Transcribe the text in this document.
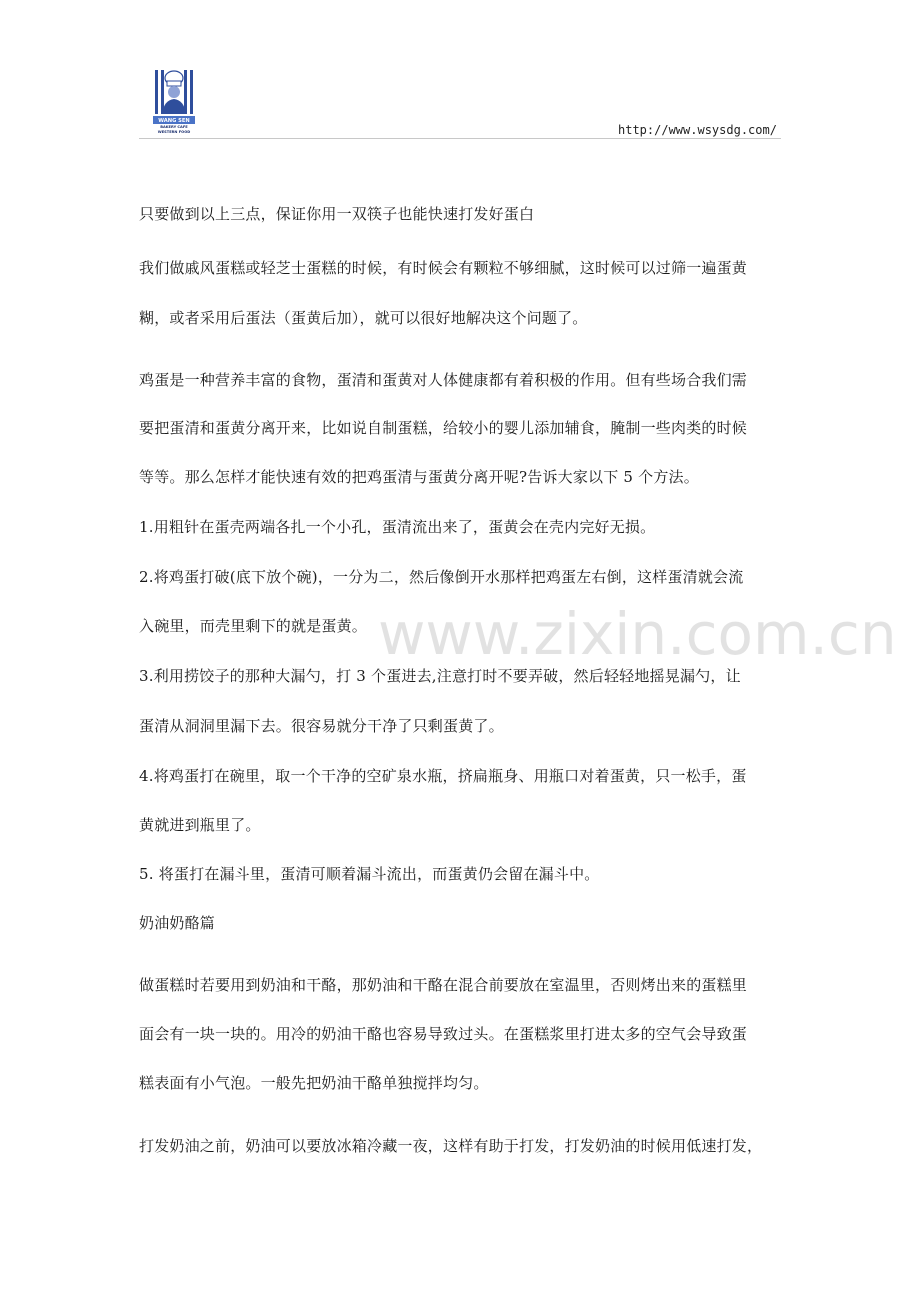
WANG SEN
BAKERY CAFE
WESTERN FOOD	http://www.wsysdg.com/
www.zixin.com.cn
只要做到以上三点，保证你用一双筷子也能快速打发好蛋白
我们做戚风蛋糕或轻芝士蛋糕的时候，有时候会有颗粒不够细腻，这时候可以过筛一遍蛋黄
糊，或者采用后蛋法（蛋黄后加），就可以很好地解决这个问题了。
鸡蛋是一种营养丰富的食物，蛋清和蛋黄对人体健康都有着积极的作用。但有些场合我们需
要把蛋清和蛋黄分离开来，比如说自制蛋糕，给较小的婴儿添加辅食，腌制一些肉类的时候
等等。那么怎样才能快速有效的把鸡蛋清与蛋黄分离开呢?告诉大家以下 5 个方法。
1.用粗针在蛋壳两端各扎一个小孔，蛋清流出来了，蛋黄会在壳内完好无损。
2.将鸡蛋打破(底下放个碗)，一分为二，然后像倒开水那样把鸡蛋左右倒，这样蛋清就会流
入碗里，而壳里剩下的就是蛋黄。
3.利用捞饺子的那种大漏勺，打 3 个蛋进去,注意打时不要弄破，然后轻轻地摇晃漏勺，让
蛋清从洞洞里漏下去。很容易就分干净了只剩蛋黄了。
4.将鸡蛋打在碗里，取一个干净的空矿泉水瓶，挤扁瓶身、用瓶口对着蛋黄，只一松手，蛋
黄就进到瓶里了。
5. 将蛋打在漏斗里，蛋清可顺着漏斗流出，而蛋黄仍会留在漏斗中。
奶油奶酪篇
做蛋糕时若要用到奶油和干酪，那奶油和干酪在混合前要放在室温里，否则烤出来的蛋糕里
面会有一块一块的。用冷的奶油干酪也容易导致过头。在蛋糕浆里打进太多的空气会导致蛋
糕表面有小气泡。一般先把奶油干酪单独搅拌均匀。
打发奶油之前，奶油可以要放冰箱冷藏一夜，这样有助于打发，打发奶油的时候用低速打发，
